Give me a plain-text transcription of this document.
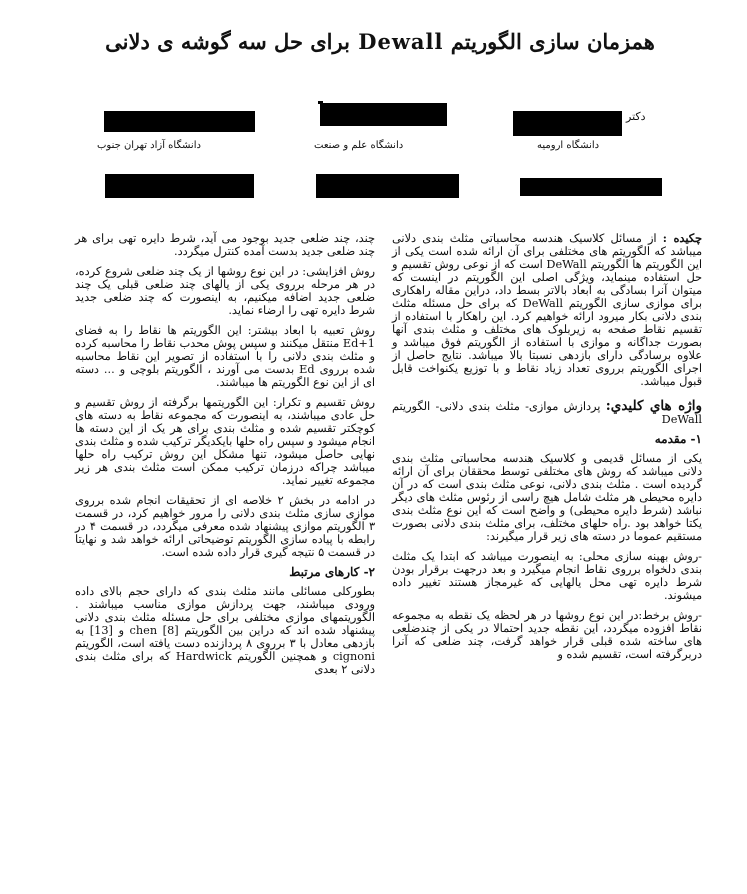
همزمان سازی الگوریتم Dewall برای حل سه گوشه ی دلانی
دکتر
دانشگاه ارومیه
دانشگاه علم و صنعت
دانشگاه آزاد تهران جنوب

چکیده : از مسائل کلاسیک هندسه محاسباتی مثلث بندی دلانی میباشد که الگوریتم های مختلفی برای آن ارائه شده است یکی از این الگوریتم ها الگوریتم DeWall است که از نوعی روش تقسیم و حل استفاده مینماید، ویژگی اصلی این الگوریتم در اینست که میتوان آنرا بسادگی به ابعاد بالاتر بسط داد، دراین مقاله راهکاری برای موازی سازی الگوریتم DeWall که برای حل مسئله مثلث بندی دلانی بکار میرود ارائه خواهیم کرد. این راهکار با استفاده از تقسیم نقاط صفحه به زیربلوک های مختلف و مثلث بندی آنها بصورت جداگانه و موازی با استفاده از الگوریتم فوق میباشد و علاوه برسادگی دارای بازدهی نسبتا بالا میباشد. نتایج حاصل از اجرای الگوریتم برروی تعداد زیاد نقاط و با توزیع یکنواخت قابل قبول میباشد.

واژه هاي کلیدي: پردازش موازی- مثلث بندی دلانی- الگوریتم DeWall

۱- مقدمه

یکی از مسائل قدیمی و کلاسیک هندسه محاسباتی مثلث بندی دلانی میباشد که روش های مختلفی توسط محققان برای آن ارائه گردیده است . مثلث بندی دلانی، نوعی مثلث بندی است که در آن دایره محیطی هر مثلث شامل هیچ راسی از رئوس مثلث های دیگر نباشد (شرط دایره محیطی) و واضح است که این نوع مثلث بندی یکتا خواهد بود .راه حلهای مختلف، برای مثلث بندی دلانی بصورت مستقیم عموما در دسته های زیر قرار میگیرند:

-روش بهینه سازی محلی: به اینصورت میباشد که ابتدا یک مثلث بندی دلخواه برروی نقاط انجام میگیرد و بعد درجهت برقرار بودن شرط دایره تهی محل یالهایی که غیرمجاز هستند تغییر داده میشوند.

-روش برخط:در این نوع روشها در هر لحظه یک نقطه به مجموعه نقاط افزوده میگردد، این نقطه جدید احتمالا در یکی از چندضلعی های ساخته شده قبلی قرار خواهد گرفت، چند ضلعی که آنرا دربرگرفته است، تقسیم شده و

چند، چند ضلعی جدید بوجود می آید، شرط دایره تهی برای هر چند ضلعی جدید بدست آمده کنترل میگردد.

روش افزایشی: در این نوع روشها از یک چند ضلعی شروع کرده، در هر مرحله برروی یکی از یالهای چند ضلعی قبلی یک چند ضلعی جدید اضافه میکنیم، به اینصورت که چند ضلعی جدید شرط دایره تهی را ارضاء نماید.

روش تعبیه با ابعاد بیشتر: این الگوریتم ها نقاط را به فضای Ed+1 منتقل میکنند و سپس پوش محدب نقاط را محاسبه کرده و مثلث بندی دلانی را با استفاده از تصویر این نقاط محاسبه شده برروی Ed بدست می آورند ، الگوریتم بلوچی و ... دسته ای از این نوع الگوریتم ها میباشند.

روش تقسیم و تکرار: این الگوریتمها برگرفته از روش تقسیم و حل عادی میباشند، به اینصورت که مجموعه نقاط به دسته های کوچکتر تقسیم شده و مثلث بندی برای هر یک از این دسته ها انجام میشود و سپس راه حلها بایکدیگر ترکیب شده و مثلث بندی نهایی حاصل میشود، تنها مشکل این روش ترکیب راه حلها میباشد چراکه درزمان ترکیب ممکن است مثلث بندی هر زیر مجموعه تغییر نماید.

در ادامه در بخش ۲ خلاصه ای از تحقیقات انجام شده برروی موازی سازی مثلث بندی دلانی را مرور خواهیم کرد، در قسمت ۳ الگوریتم موازی پیشنهاد شده معرفی میگردد، در قسمت ۴ در رابطه با پیاده سازی الگوریتم توضیحاتی ارائه خواهد شد و نهایتا در قسمت ۵ نتیجه گیری قرار داده شده است.

۲- کارهای مرتبط

بطورکلی مسائلی مانند مثلث بندی که دارای حجم بالای داده ورودی میباشند، جهت پردازش موازی مناسب میباشند . الگوریتمهای موازی مختلفی برای حل مسئله مثلث بندی دلانی پیشنهاد شده اند که دراین بین الگوریتم chen [8] و [13] به بازدهی معادل با ۳ برروی ۸ پردازنده دست یافته است، الگوریتم cignoni و همچنین الگوریتم Hardwick که برای مثلث بندی دلانی ۲ بعدی
